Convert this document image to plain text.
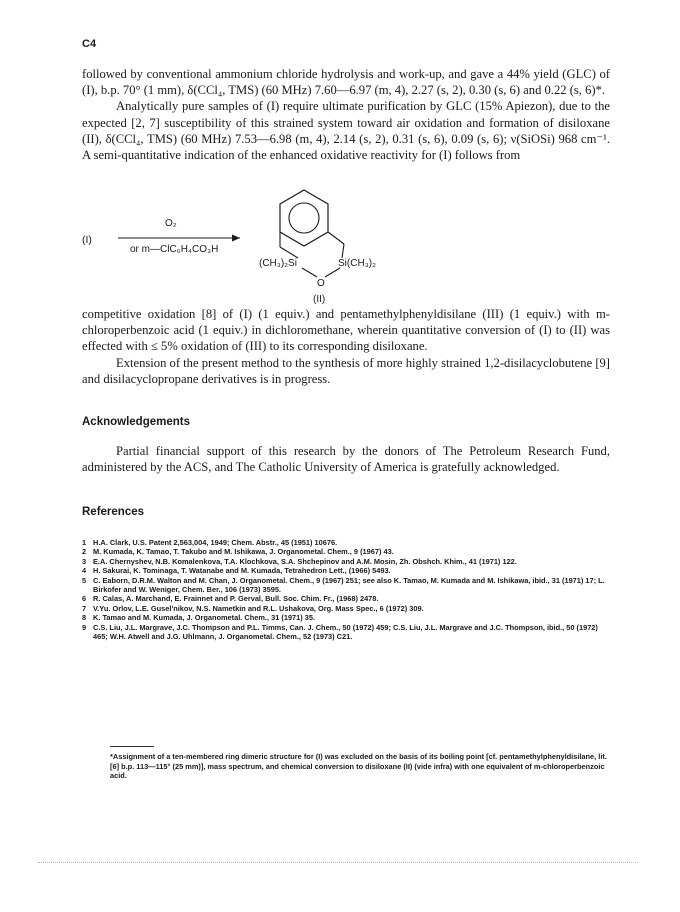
C4

followed by conventional ammonium chloride hydrolysis and work-up, and gave a 44% yield (GLC) of (I), b.p. 70° (1 mm), δ(CCl₄, TMS) (60 MHz) 7.60—6.97 (m, 4), 2.27 (s, 2), 0.30 (s, 6) and 0.22 (s, 6)*.

Analytically pure samples of (I) require ultimate purification by GLC (15% Apiezon), due to the expected [2, 7] susceptibility of this strained system toward air oxidation and formation of disiloxane (II), δ(CCl₄, TMS) (60 MHz) 7.53—6.98 (m, 4), 2.14 (s, 2), 0.31 (s, 6), 0.09 (s, 6); ν(SiOSi) 968 cm⁻¹. A semi-quantitative indication of the enhanced oxidative reactivity for (I) follows from

(I)
O₂
or m—ClC₆H₄CO₃H
(CH₃)₂Si	Si(CH₃)₂
O
(II)

competitive oxidation [8] of (I) (1 equiv.) and pentamethylphenyldisilane (III) (1 equiv.) with m-chloroperbenzoic acid (1 equiv.) in dichloromethane, wherein quantitative conversion of (I) to (II) was effected with ≤ 5% oxidation of (III) to its corresponding disiloxane.

Extension of the present method to the synthesis of more highly strained 1,2-disilacyclobutene [9] and disilacyclopropane derivatives is in progress.

Acknowledgements

Partial financial support of this research by the donors of The Petroleum Research Fund, administered by the ACS, and The Catholic University of America is gratefully acknowledged.

References
1 H.A. Clark, U.S. Patent 2,563,004, 1949; Chem. Abstr., 45 (1951) 10676.
2 M. Kumada, K. Tamao, T. Takubo and M. Ishikawa, J. Organometal. Chem., 9 (1967) 43.
3 E.A. Chernyshev, N.B. Komalenkova, T.A. Klochkova, S.A. Shchepinov and A.M. Mosin, Zh. Obshch. Khim., 41 (1971) 122.
4 H. Sakurai, K. Tominaga, T. Watanabe and M. Kumada, Tetrahedron Lett., (1966) 5493.
5 C. Eaborn, D.R.M. Walton and M. Chan, J. Organometal. Chem., 9 (1967) 251; see also K. Tamao, M. Kumada and M. Ishikawa, ibid., 31 (1971) 17; L. Birkofer and W. Weniger, Chem. Ber., 106 (1973) 3595.
6 R. Calas, A. Marchand, E. Frainnet and P. Gerval, Bull. Soc. Chim. Fr., (1968) 2478.
7 V.Yu. Orlov, L.E. Gusel'nikov, N.S. Nametkin and R.L. Ushakova, Org. Mass Spec., 6 (1972) 309.
8 K. Tamao and M. Kumada, J. Organometal. Chem., 31 (1971) 35.
9 C.S. Liu, J.L. Margrave, J.C. Thompson and P.L. Timms, Can. J. Chem., 50 (1972) 459; C.S. Liu, J.L. Margrave and J.C. Thompson, ibid., 50 (1972) 465; W.H. Atwell and J.G. Uhlmann, J. Organometal. Chem., 52 (1973) C21.
*Assignment of a ten-membered ring dimeric structure for (I) was excluded on the basis of its boiling point [cf. pentamethylphenyldisilane, lit. [6] b.p. 113—115° (25 mm)], mass spectrum, and chemical conversion to disiloxane (II) (vide infra) with one equivalent of m-chloroperbenzoic acid.
